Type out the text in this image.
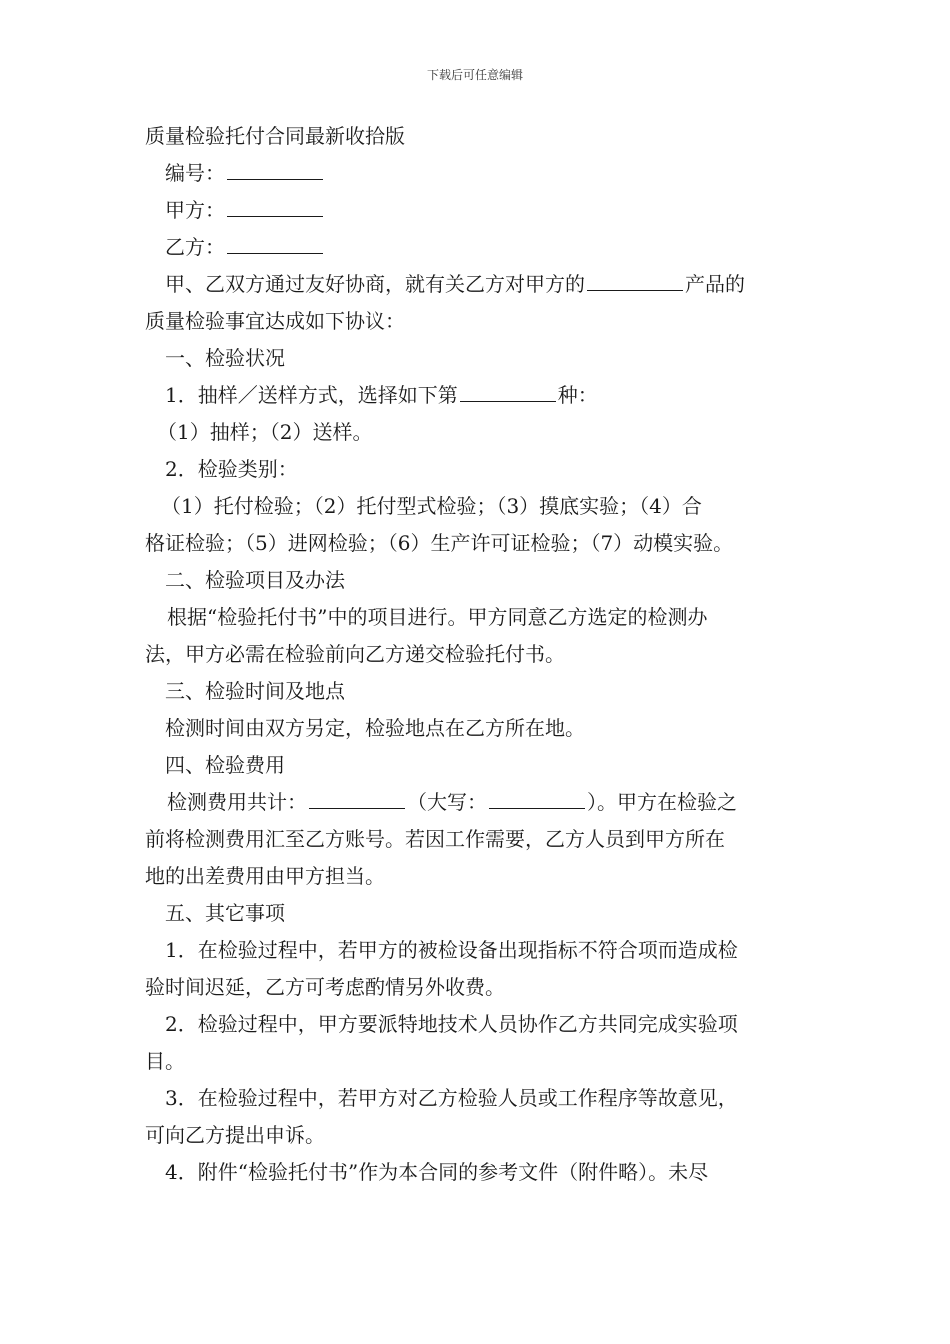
下载后可任意编辑
质量检验托付合同最新收拾版
编号：
甲方：
乙方：
甲、乙双方通过友好协商，就有关乙方对甲方的	产品的
质量检验事宜达成如下协议：
一、检验状况
1．抽样／送样方式，选择如下第	种：
（1）抽样；（2）送样。
2．检验类别：
（1）托付检验；（2）托付型式检验；（3）摸底实验；（4）合
格证检验；（5）进网检验；（6）生产许可证检验；（7）动模实验。
二、检验项目及办法
根据“检验托付书”中的项目进行。甲方同意乙方选定的检测办
法，甲方必需在检验前向乙方递交检验托付书。
三、检验时间及地点
检测时间由双方另定，检验地点在乙方所在地。
四、检验费用
检测费用共计：	（大写：	）。甲方在检验之
前将检测费用汇至乙方账号。若因工作需要，乙方人员到甲方所在
地的出差费用由甲方担当。
五、其它事项
1．在检验过程中，若甲方的被检设备出现指标不符合项而造成检
验时间迟延，乙方可考虑酌情另外收费。
2．检验过程中，甲方要派特地技术人员协作乙方共同完成实验项
目。
3．在检验过程中，若甲方对乙方检验人员或工作程序等故意见，
可向乙方提出申诉。
4．附件“检验托付书”作为本合同的参考文件（附件略）。未尽
